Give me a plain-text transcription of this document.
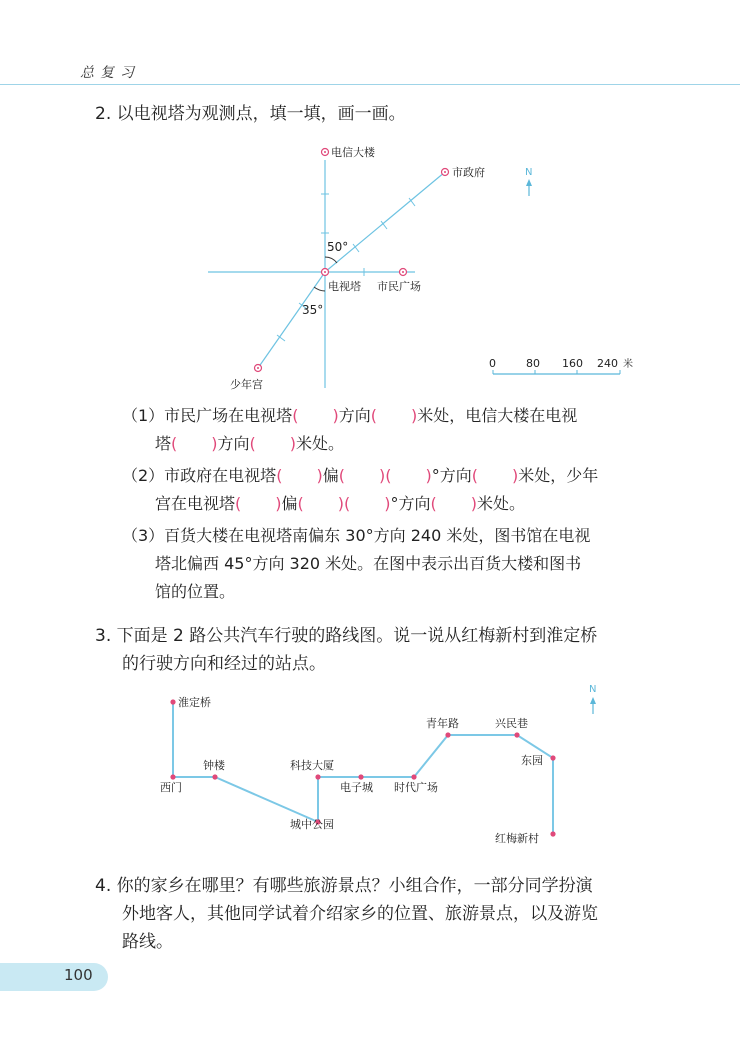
总复习
2. 以电视塔为观测点，填一填，画一画。
电信大楼
市政府
电视塔 市民广场
少年宫
50°
35°
N
0	80 160 240 米
（1）市民广场在电视塔( )方向( )米处，电信大楼在电视
塔( )方向( )米处。
（2）市政府在电视塔( )偏( )( )°方向( )米处，少年
宫在电视塔( )偏( )( )°方向( )米处。
（3）百货大楼在电视塔南偏东 30°方向 240 米处，图书馆在电视
塔北偏西 45°方向 320 米处。在图中表示出百货大楼和图书
馆的位置。
3. 下面是 2 路公共汽车行驶的路线图。说一说从红梅新村到淮定桥
的行驶方向和经过的站点。
淮定桥
西门
钟楼
城中公园
科技大厦
电子城 时代广场
青年路	兴民巷
东园
红梅新村
N
4. 你的家乡在哪里？有哪些旅游景点？小组合作，一部分同学扮演
外地客人，其他同学试着介绍家乡的位置、旅游景点，以及游览
路线。
100
